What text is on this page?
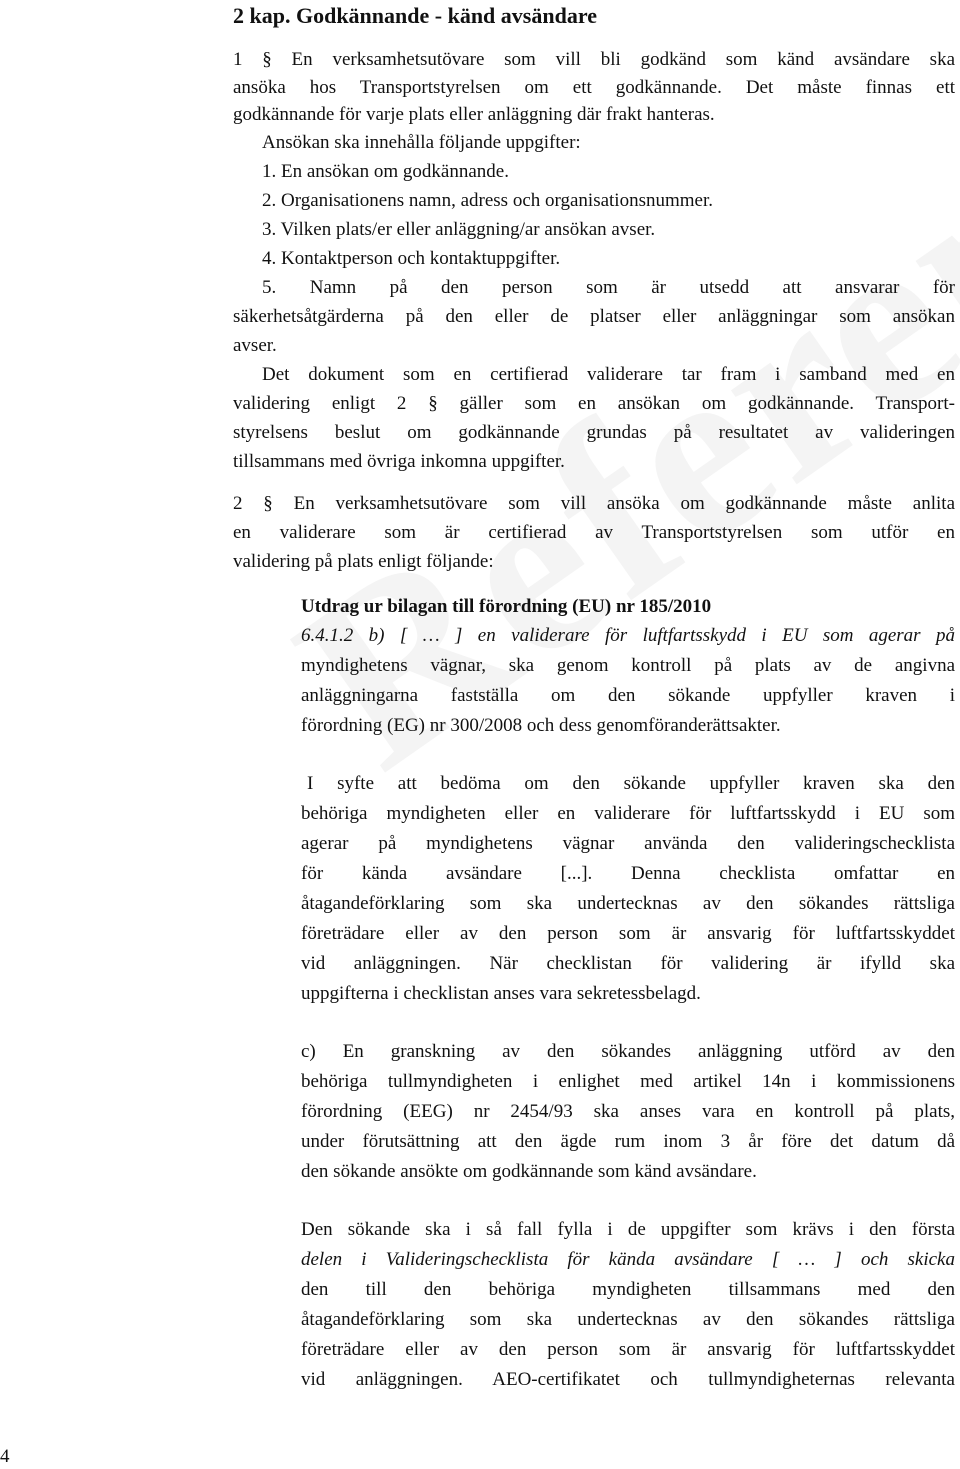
2 kap. Godkännande - känd avsändare
1 § En verksamhetsutövare som vill bli godkänd som känd avsändare ska
ansöka hos Transportstyrelsen om ett godkännande. Det måste finnas ett
godkännande för varje plats eller anläggning där frakt hanteras.
Ansökan ska innehålla följande uppgifter:
1. En ansökan om godkännande.
2. Organisationens namn, adress och organisationsnummer.
3. Vilken plats/er eller anläggning/ar ansökan avser.
4. Kontaktperson och kontaktuppgifter.
5. Namn på den person som är utsedd att ansvarar för
säkerhetsåtgärderna på den eller de platser eller anläggningar som ansökan
avser.
Det dokument som en certifierad validerare tar fram i samband med en
validering enligt 2 § gäller som en ansökan om godkännande. Transport-
styrelsens beslut om godkännande grundas på resultatet av valideringen
tillsammans med övriga inkomna uppgifter.
2 § En verksamhetsutövare som vill ansöka om godkännande måste anlita
en validerare som är certifierad av Transportstyrelsen som utför en
validering på plats enligt följande:
Utdrag ur bilagan till förordning (EU) nr 185/2010
6.4.1.2 b) [ … ] en validerare för luftfartsskydd i EU som agerar på
myndighetens vägnar, ska genom kontroll på plats av de angivna
anläggningarna fastställa om den sökande uppfyller kraven i
förordning (EG) nr 300/2008 och dess genomföranderättsakter.
I syfte att bedöma om den sökande uppfyller kraven ska den
behöriga myndigheten eller en validerare för luftfartsskydd i EU som
agerar på myndighetens vägnar använda den valideringschecklista
för kända avsändare [...]. Denna checklista omfattar en
åtagandeförklaring som ska undertecknas av den sökandes rättsliga
företrädare eller av den person som är ansvarig för luftfartsskyddet
vid anläggningen. När checklistan för validering är ifylld ska
uppgifterna i checklistan anses vara sekretessbelagd.
c) En granskning av den sökandes anläggning utförd av den
behöriga tullmyndigheten i enlighet med artikel 14n i kommissionens
förordning (EEG) nr 2454/93 ska anses vara en kontroll på plats,
under förutsättning att den ägde rum inom 3 år före det datum då
den sökande ansökte om godkännande som känd avsändare.
Den sökande ska i så fall fylla i de uppgifter som krävs i den första
delen i Valideringschecklista för kända avsändare [ … ] och skicka
den till den behöriga myndigheten tillsammans med den
åtagandeförklaring som ska undertecknas av den sökandes rättsliga
företrädare eller av den person som är ansvarig för luftfartsskyddet
vid anläggningen. AEO-certifikatet och tullmyndigheternas relevanta
4
